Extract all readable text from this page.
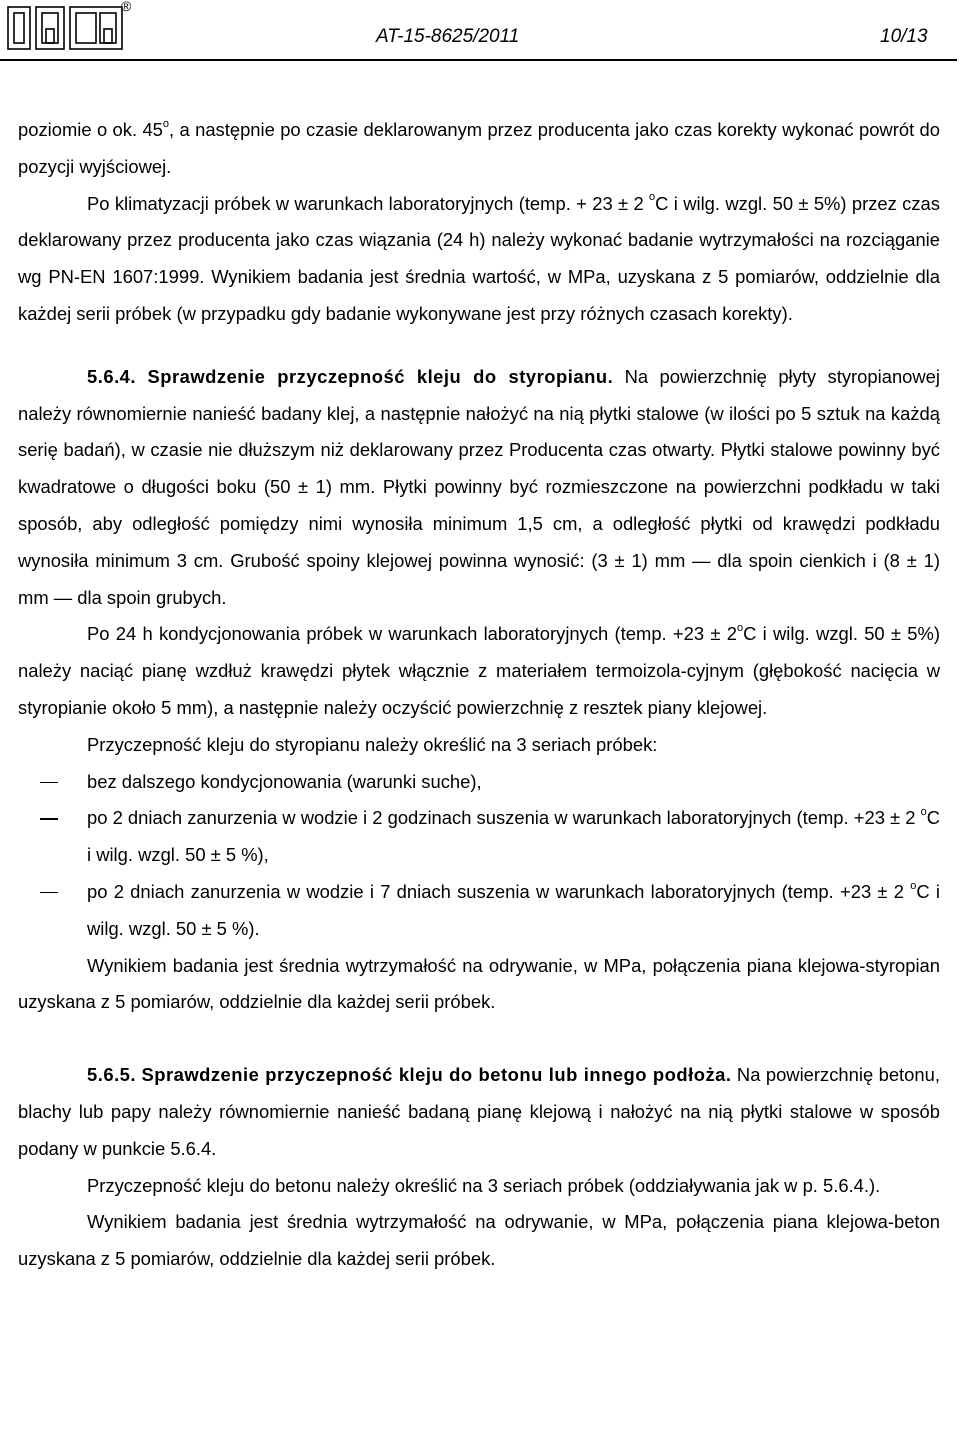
®
AT-15-8625/2011	10/13

poziomie o ok. 45$^o$, a następnie po czasie deklarowanym przez producenta jako czas korekty wykonać powrót do pozycji wyjściowej.

Po klimatyzacji próbek w warunkach laboratoryjnych (temp. + 23 ± 2 $^o$C i wilg. wzgl. 50 ± 5%) przez czas deklarowany przez producenta jako czas wiązania (24 h) należy wykonać badanie wytrzymałości na rozciąganie wg PN-EN 1607:1999. Wynikiem badania jest średnia wartość, w MPa, uzyskana z 5 pomiarów, oddzielnie dla każdej serii próbek (w przypadku gdy badanie wykonywane jest przy różnych czasach korekty).

5.6.4. Sprawdzenie przyczepność kleju do styropianu. Na powierzchnię płyty styropianowej należy równomiernie nanieść badany klej, a następnie nałożyć na nią płytki stalowe (w ilości po 5 sztuk na każdą serię badań), w czasie nie dłuższym niż deklarowany przez Producenta czas otwarty. Płytki stalowe powinny być kwadratowe o długości boku (50 ± 1) mm. Płytki powinny być rozmieszczone na powierzchni podkładu w taki sposób, aby odległość pomiędzy nimi wynosiła minimum 1,5 cm, a odległość płytki od krawędzi podkładu wynosiła minimum 3 cm. Grubość spoiny klejowej powinna wynosić: (3 ± 1) mm — dla spoin cienkich i (8 ± 1) mm — dla spoin grubych.

Po 24 h kondycjonowania próbek w warunkach laboratoryjnych (temp. $+23 \pm 2^oC$ i wilg. wzgl. 50 ± 5%) należy naciąć pianę wzdłuż krawędzi płytek włącznie z materiałem termoizola-cyjnym (głębokość nacięcia w styropianie około 5 mm), a następnie należy oczyścić powierzchnię z resztek piany klejowej.

Przyczepność kleju do styropianu należy określić na 3 seriach próbek:

bez dalszego kondycjonowania (warunki suche),
po 2 dniach zanurzenia w wodzie i 2 godzinach suszenia w warunkach laboratoryjnych (temp. +23 ± 2 $^o$C i wilg. wzgl. 50 ± 5 %),
po 2 dniach zanurzenia w wodzie i 7 dniach suszenia w warunkach laboratoryjnych (temp. +23 ± 2 $^o$C i wilg. wzgl. 50 ± 5 %).

Wynikiem badania jest średnia wytrzymałość na odrywanie, w MPa, połączenia piana klejowa-styropian uzyskana z 5 pomiarów, oddzielnie dla każdej serii próbek.

5.6.5. Sprawdzenie przyczepność kleju do betonu lub innego podłoża. Na powierzchnię betonu, blachy lub papy należy równomiernie nanieść badaną pianę klejową i nałożyć na nią płytki stalowe w sposób podany w punkcie 5.6.4.

Przyczepność kleju do betonu należy określić na 3 seriach próbek (oddziaływania jak w p. 5.6.4.).

Wynikiem badania jest średnia wytrzymałość na odrywanie, w MPa, połączenia piana klejowa-beton uzyskana z 5 pomiarów, oddzielnie dla każdej serii próbek.
